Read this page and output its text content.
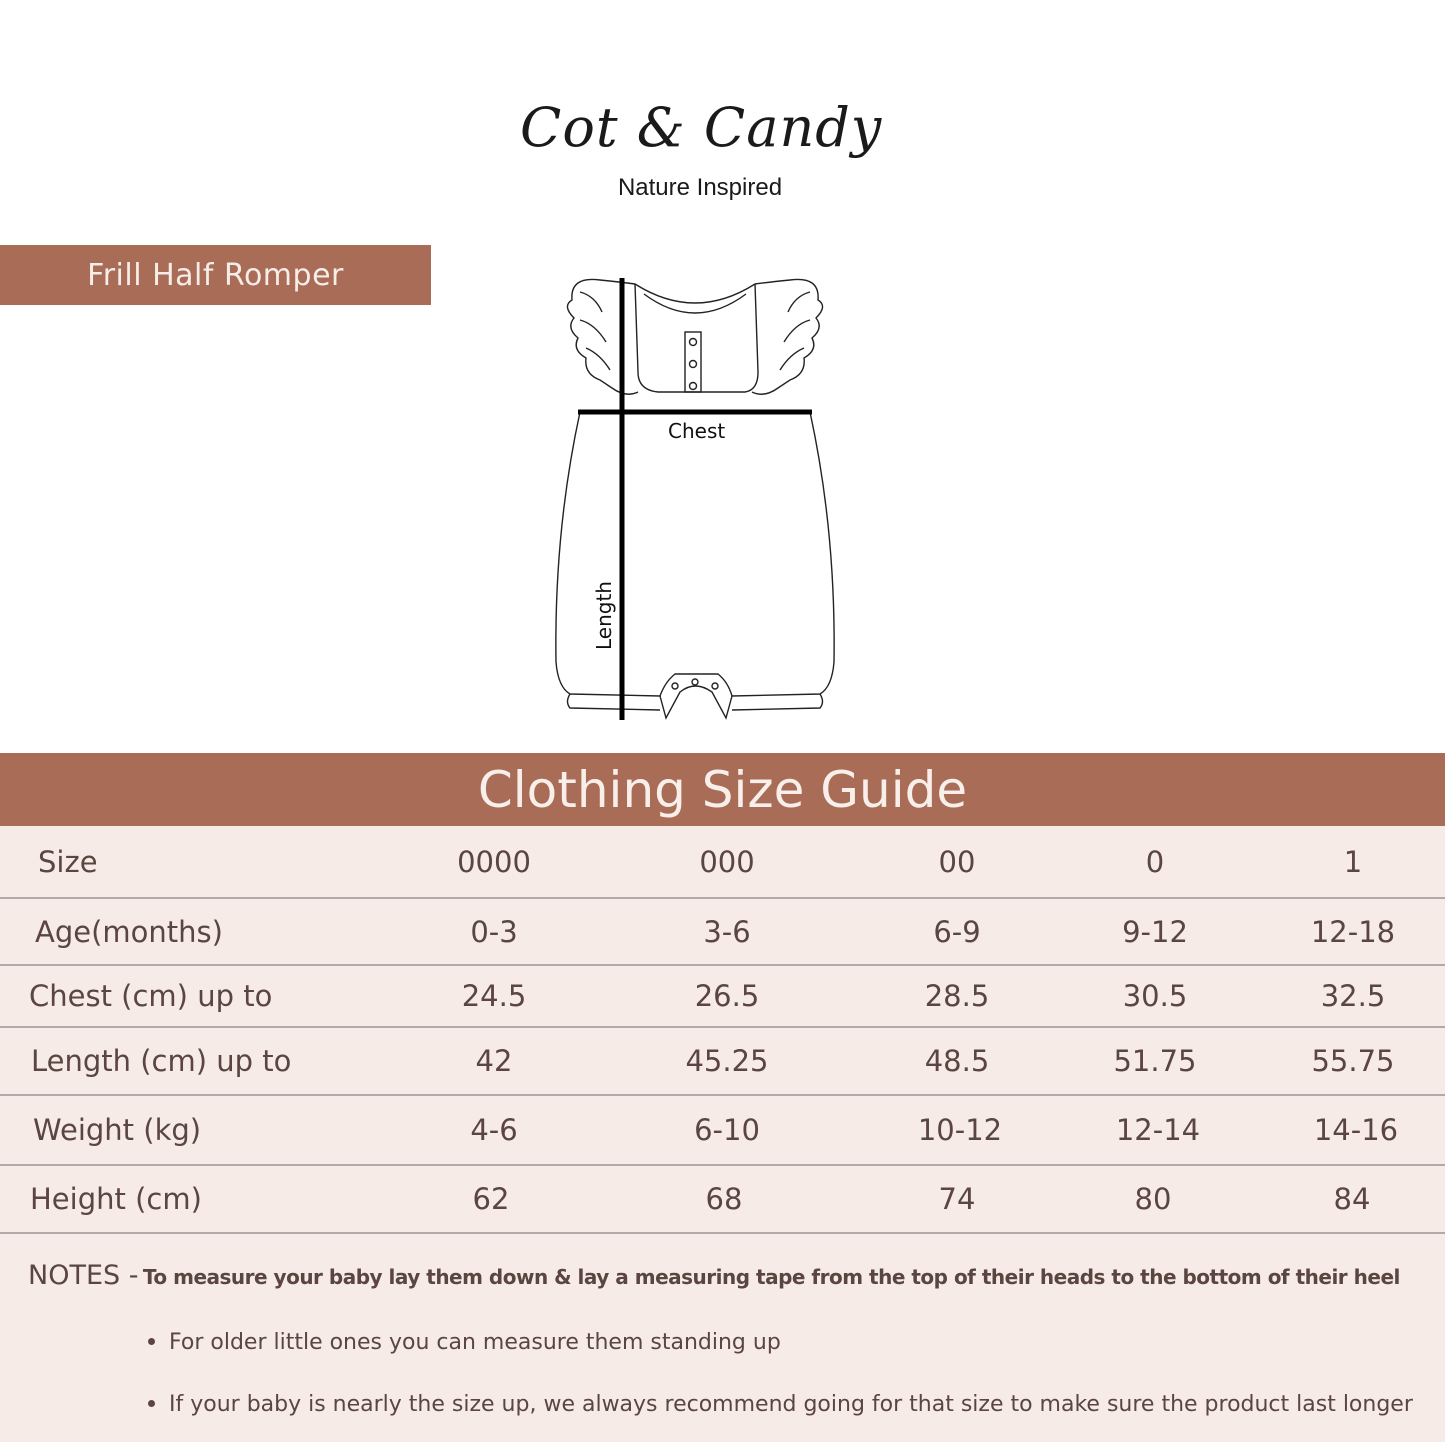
Cot & Candy
Nature Inspired
Frill Half Romper
Chest
Length
Clothing Size Guide
Size	0000	000	00	0	1
Age(months)	0-3	3-6	6-9	9-12	12-18
Chest (cm) up to	24.5	26.5	28.5	30.5	32.5
Length (cm) up to	42	45.25	48.5	51.75	55.75
Weight (kg)	4-6	6-10	10-12	12-14	14-16
Height (cm)	62	68	74	80	84
NOTES - To measure your baby lay them down & lay a measuring tape from the top of their heads to the bottom of their heel
For older little ones you can measure them standing up
If your baby is nearly the size up, we always recommend going for that size to make sure the product last longer
